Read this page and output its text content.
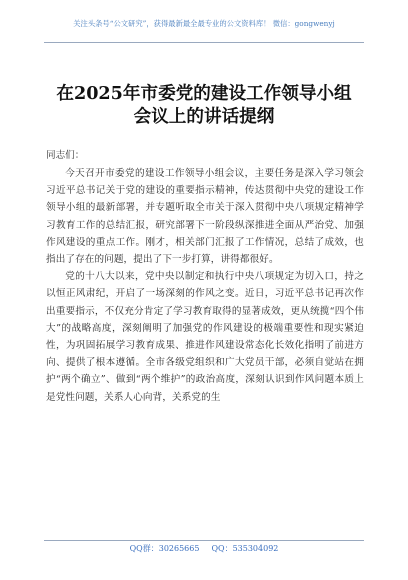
关注头条号“公文研究”，获得最新最全最专业的公文资料库！ 微信：gongwenyj
在2025年市委党的建设工作领导小组
会议上的讲话提纲
同志们：

今天召开市委党的建设工作领导小组会议，主要任务是深入学习领会习近平总书记关于党的建设的重要指示精神，传达贯彻中央党的建设工作领导小组的最新部署，并专题听取全市关于深入贯彻中央八项规定精神学习教育工作的总结汇报，研究部署下一阶段纵深推进全面从严治党、加强作风建设的重点工作。刚才，相关部门汇报了工作情况，总结了成效，也指出了存在的问题，提出了下一步打算，讲得都很好。

党的十八大以来，党中央以制定和执行中央八项规定为切入口，持之以恒正风肃纪，开启了一场深刻的作风之变。近日，习近平总书记再次作出重要指示，不仅充分肯定了学习教育取得的显著成效，更从统揽“四个伟大”的战略高度，深刻阐明了加强党的作风建设的极端重要性和现实紧迫性，为巩固拓展学习教育成果、推进作风建设常态化长效化指明了前进方向、提供了根本遵循。全市各级党组织和广大党员干部，必须自觉站在拥护“两个确立”、做到“两个维护”的政治高度，深刻认识到作风问题本质上是党性问题，关系人心向背，关系党的生

QQ群：30265665 QQ：535304092
